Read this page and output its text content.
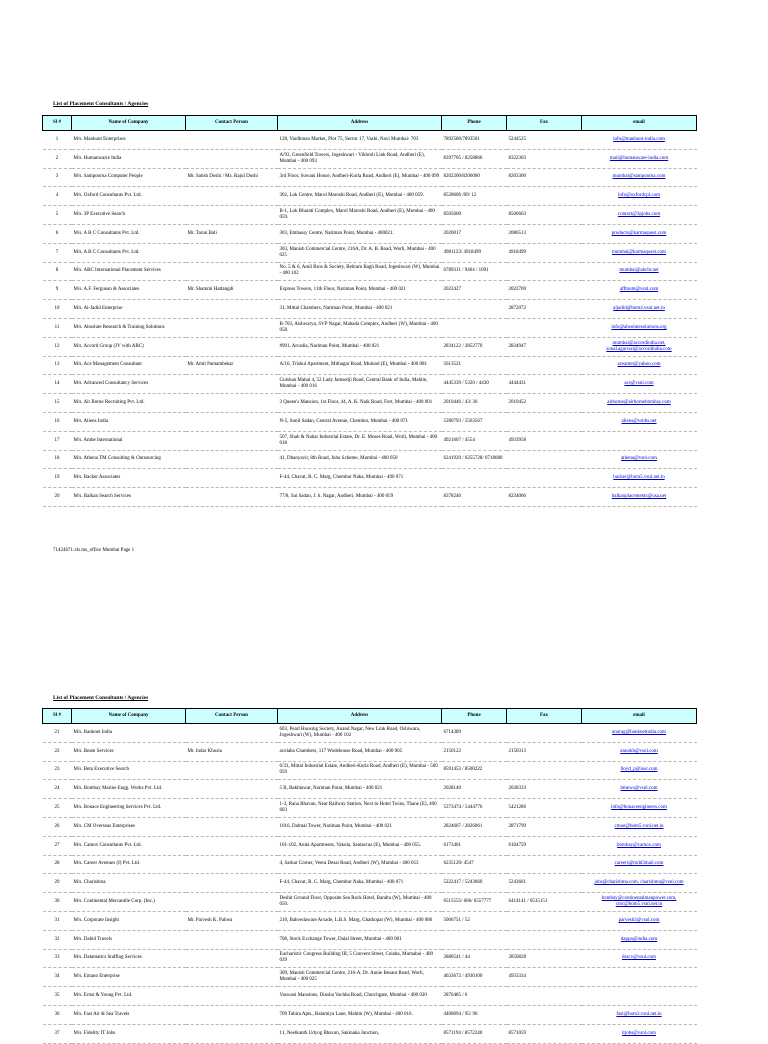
List of Placement Consultants / Agencies
Sl #	Name of Company	Contact Person	Address	Phone	Fax	email
1	M/s. Manhunt Enterprises		128, Vardhman Market, Plot 75, Sector 17, Vashi, Navi Mumbai- 703	7892580/7893501	5244525	info@manhunt-india.com
2	M/s. Humanwarre India		A/93, Greenfield Towers, Jogeshwari - Vikhroli Link Road, Andheri (E), Mumbai - 400 093	8397705 / 8258866	8322303	mail@humanware-india.com
3	M/s. Sampoorna Computer People	Mr. Satish Doshi / Ms. Rajul Doshi	3rd Floor, Suwani House, Andheri-Kurla Road, Andheri (E), Mumbai - 400 099	8202200/8206000	8203300	mumbai@sampoorna.com
4	M/s. Oxford Consultants Pvt. Ltd.		302, Lok Centre, Marol Maroshi Road, Andheri (E), Mumbai - 400 059.	8528606 /09/ 12		info@oxfordcpl.com
5	M/s. 3P Executive Search		B-1, Lok Bharati Complex, Marol Maroshi Road, Andheri (E), Mumbai - 400 059.	8505600	8506663	contact@3pjobs.com
6	M/s. A B C Consultants Pvt. Ltd.	Mr. Tarun Bali	303, Embassy Centre, Nariman Point, Mumbai - 400021.	2020017	2086513	products@karmaquest.com
7	M/s. A B C Consultants Pvt. Ltd.		303, Manish Commercial Centre, 216A, Dr. A. B. Road, Worli, Mumbai - 400 025	4981123/ 4918499	4918499	mumbai@karmaquest.com
8	M/s. ABC International Placement Services		No. 5 & 6, Amil Bros & Society, Behram Bagh Road, Jogeshwari (W), Mumbai - 400 102	6789311 / 9464 / 1091		mumbai@abcbr.net
9	M/s. A.F. Ferguson & Associates	Mr. Shammi Hattangdi	Express Towers, 11th Floor, Nariman Point, Mumbai - 400 021	2022427	2022769	affmum@vsnl.com
10	M/s. Al-Jadid Enterprise		31, Mittal Chambers, Nariman Point, Mumbai - 400 021		2872072	aljadid@bom4.vsnl.net.in
11	M/s. Absolute Research & Training Solutions		B-703, Aishwarya, SVP Nagar, Mahada Complex, Andheri (W), Mumbai - 400 058.			info@absolutesolutions.org
12	M/s. Accord Group (JV with ABC)		#901, Arcadia, Nariman Point, Mumbai - 400 021	2834122 / 2852770	2834947	mumbai@accordindia.net, sonal.agarwal@accordindia.com
13	M/s. Ace Management Consultant	Mr. Amit Pantambekar	A/16, Trishul Apartment, Mithagar Road, Mulund (E), Mumbai - 400 081	5613521		aceamet@yahoo.com
14	M/s. Advanced Consultancy Services		Gulshan Mahal 4, 52 Lady Jamsedji Road, Central Bank of India, Mahim, Mumbai - 400 016	4445339 / 5320 / 4430	4444431	acs@vsnl.com
15	M/s. Air Borne Recruiting Pvt. Ltd.		3 Queen's Mansion, 1st Floor, 44, A. K. Naik Road, Fort, Mumbai - 400 001	2010446 / 43/ 36	2010452	airborne@airbornebombay.com
16	M/s. Aliens India		N-5, Sunil Sadan, Central Avenue, Chembur, Mumbai - 400 071	5280793 / 5563567		aliens@vsbbs.net
17	M/s. Ambe International		507, Shah & Nahar Industrial Estate, Dr. E. Moses Road, Worli, Mumbai - 400 018	4921607 / 4554	4933958	
18	M/s. Athena TM Consulting & Outsourcing		41, Dhanyavir, 8th Road, Juhu Scheme, Mumbai - 400 050	6241920 / 6255728/ 6718680		athena@vsnl.com
19	M/s. Backer Associates		F-44, Chavat, R. C. Marg, Chembur Naka, Mumbai - 400 071			backer@bom5.vsnl.net.in
20	M/s. Balkan Search Services		77/8, Sai Sadan, J. b. Nagar, Andheri, Mumbai - 400 059	8378240	8234066	balkanplacements@usa.net
71424671.xls.ms_office Mumbai Page 1
List of Placement Consultants / Agencies
Sl #	Name of Company	Contact Person	Address	Phone	Fax	email
21	M/s. Banknet India		603, Pearl Housing Society, Anand Nagar, New Link Road, Oshiwara, Jogeshwari (W), Mumbai - 400 102	6714389		anurag@banknetindia.com
22	M/s. Beam Services	Mr. Indar Khosla	acolaba Chambers, 117 Wodehouse Road, Mumbai - 400 005	2150122	2150313	annokh@vsnl.com
23	M/s. Beta Executive Search		6/33, Mittal Industrial Estate, Andheri-Kurla Road, Andheri (E), Mumbai - 500 059	8591453 / 8500222		lloyd_p@iosr.com
24	M/s. Bombay Marine Engg. Works Pvt. Ltd.		5 B, Bakhtawar, Nariman Point, Mumbai - 400 021	2028140	2028333	bmews@vsnl.com
25	M/s. Bonace Engineering Services Pvt. Ltd.		1-3, Rana Bhavan, Near Railway Station, Next to Hotel Twins, Thane (E), 400 603	5373474 / 5444776	5421286	info@bonaceengineers.com
26	M/s. CM Overseas Enterprises		1016, Dalmal Tower, Nariman Point, Mumbai - 400 021	2824667 / 2826061	2871799	cmoe@bom5.vsnl.net.in
27	M/s. Camox Consultants Pvt. Ltd.		101-102, Anita Apartments, Vakola, Santacruz (E), Mumbai - 400 055.	6173461	6104759	bombay@camox.com
28	M/s. Career Avenues (I) Pvt. Ltd.		4, Sarkar Corner, Veera Desai Road, Andheri (W), Mumbai - 400 053	6235120/ 4547		careers@mdd3mail.com
29	M/s. Charishma		F-44, Chavat, R. C. Marg, Chembur Naka, Mumbai - 400 071	5222417 / 5243660	5243661	jobs@charishma.com, charishma@vsnl.com
30	M/s. Continental Mercantile Corp. (Inc.)		Deshit Ground Floor, Opposite Sea Rock Hotel, Bandra (W), Mumbai - 400 050.	6515555/ 666/ 6557777	6414141 / 6515151	bombay@continentalmanpower.com, cmc@bom5.vsnl.net.in
31	M/s. Corporate Insight	Mr. Parvesh K. Pahwa	210, Bahvedaware Arcade, L.B.S. Marg, Ghatkopar (W), Mumbai - 400 086	5006751 / 52		parvesh3@vsnl.com
32	M/s. Dahid Travels		708, Stock Exchange Tower, Dalal Street, Mumbai - 400 001			dappa@india.com
33	M/s. Datamatics Staffing Services		Eucharistic Congress Building III, 5 Convent Street, Colaba, Mumabai - 400 039	2880541 / 44	2850828	dsscv@vsnl.com
34	M/s. Entano Enterprise		309, Manish Commercial Centre, 216-A, Dr. Annie Besant Road, Worli, Mumbai - 400 025	4633672 / 4930100	4933334	
35	M/s. Ernst & Young Pvt. Ltd.		Vaswani Mansions, Dinsha Vachha Road, Churchgate, Mumbai - 400 020	2876485 / 6		
36	M/s. Fast Air & Sea Travels		709 Tahira Apts., Balamiya Lane, Mahim (W), Mumbai - 400 016.	4400694 / 95/ 96		fast@bom3.vsnl.net.in
37	M/s. Fidelity IT Jobs		11, Neelkanth Udyog Bhavan, Sakinaka Junction,	8571194 / 8572240	8571059	itjobs@vsnl.com
